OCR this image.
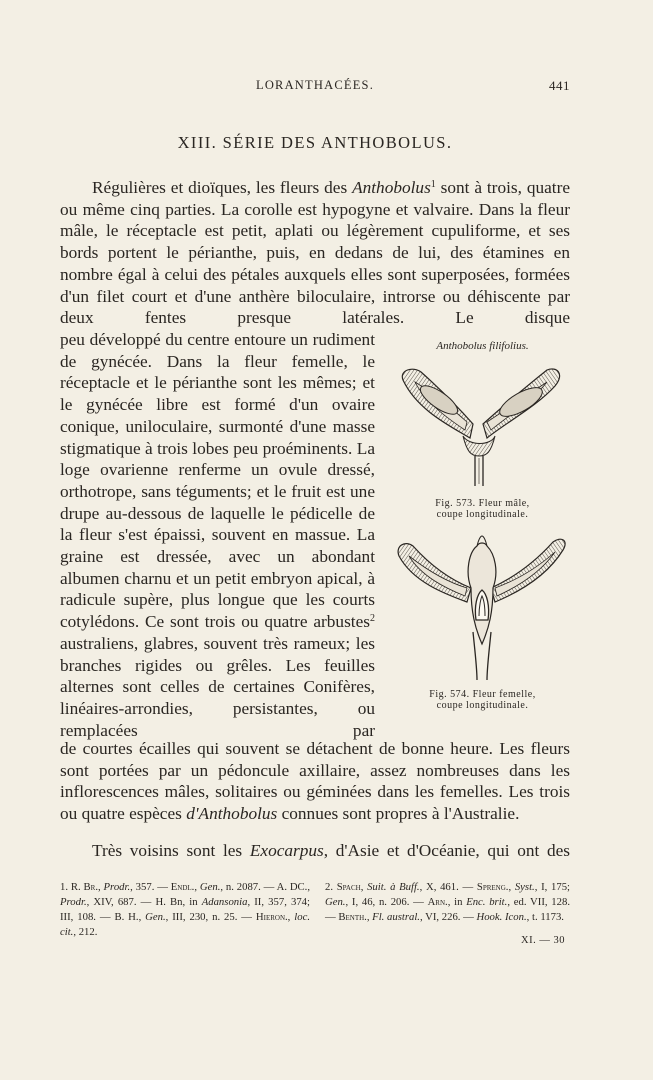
LORANTHACÉES.	441
XIII. SÉRIE DES ANTHOBOLUS.
Régulières et dioïques, les fleurs des Anthobolus$^1$ sont à trois, quatre ou même cinq parties. La corolle est hypogyne et valvaire. Dans la fleur mâle, le réceptacle est petit, aplati ou légèrement cupuliforme, et ses bords portent le périanthe, puis, en dedans de lui, des étamines en nombre égal à celui des pétales auxquels elles sont superposées, formées d'un filet court et d'une anthère biloculaire, introrse ou déhiscente par deux fentes presque latérales. Le disque
peu développé du centre entoure un rudiment de gynécée. Dans la fleur femelle, le réceptacle et le périanthe sont les mêmes; et le gynécée libre est formé d'un ovaire conique, uniloculaire, surmonté d'une masse stigmatique à trois lobes peu proéminents. La loge ovarienne renferme un ovule dressé, orthotrope, sans téguments; et le fruit est une drupe au-dessous de laquelle le pédicelle de la fleur s'est épaissi, souvent en massue. La graine est dressée, avec un abondant albumen charnu et un petit embryon apical, à radicule supère, plus longue que les courts cotylédons. Ce sont trois ou quatre arbustes$^2$ australiens, glabres, souvent très rameux; les branches rigides ou grêles. Les feuilles alternes sont celles de certaines Conifères, linéaires-arrondies, persistantes, ou remplacées par
de courtes écailles qui souvent se détachent de bonne heure. Les fleurs sont portées par un pédoncule axillaire, assez nombreuses dans les inflorescences mâles, solitaires ou géminées dans les femelles. Les trois ou quatre espèces d'Anthobolus connues sont propres à l'Australie.
Très voisins sont les Exocarpus, d'Asie et d'Océanie, qui ont des
Anthobolus filifolius.
Fig. 573. Fleur mâle,
coupe longitudinale.
Fig. 574. Fleur femelle,
coupe longitudinale.
1. R. Br., Prodr., 357. — Endl., Gen., n. 2087. — A. DC., Prodr., XIV, 687. — H. Bn, in Adansonia, II, 357, 374; III, 108. — B. H., Gen., III, 230, n. 25. — Hieron., loc. cit., 212.
2. Spach, Suit. à Buff., X, 461. — Spreng., Syst., I, 175; Gen., I, 46, n. 206. — Arn., in Enc. brit., ed. VII, 128. — Benth., Fl. austral., VI, 226. — Hook. Icon., t. 1173.
XI. — 30
